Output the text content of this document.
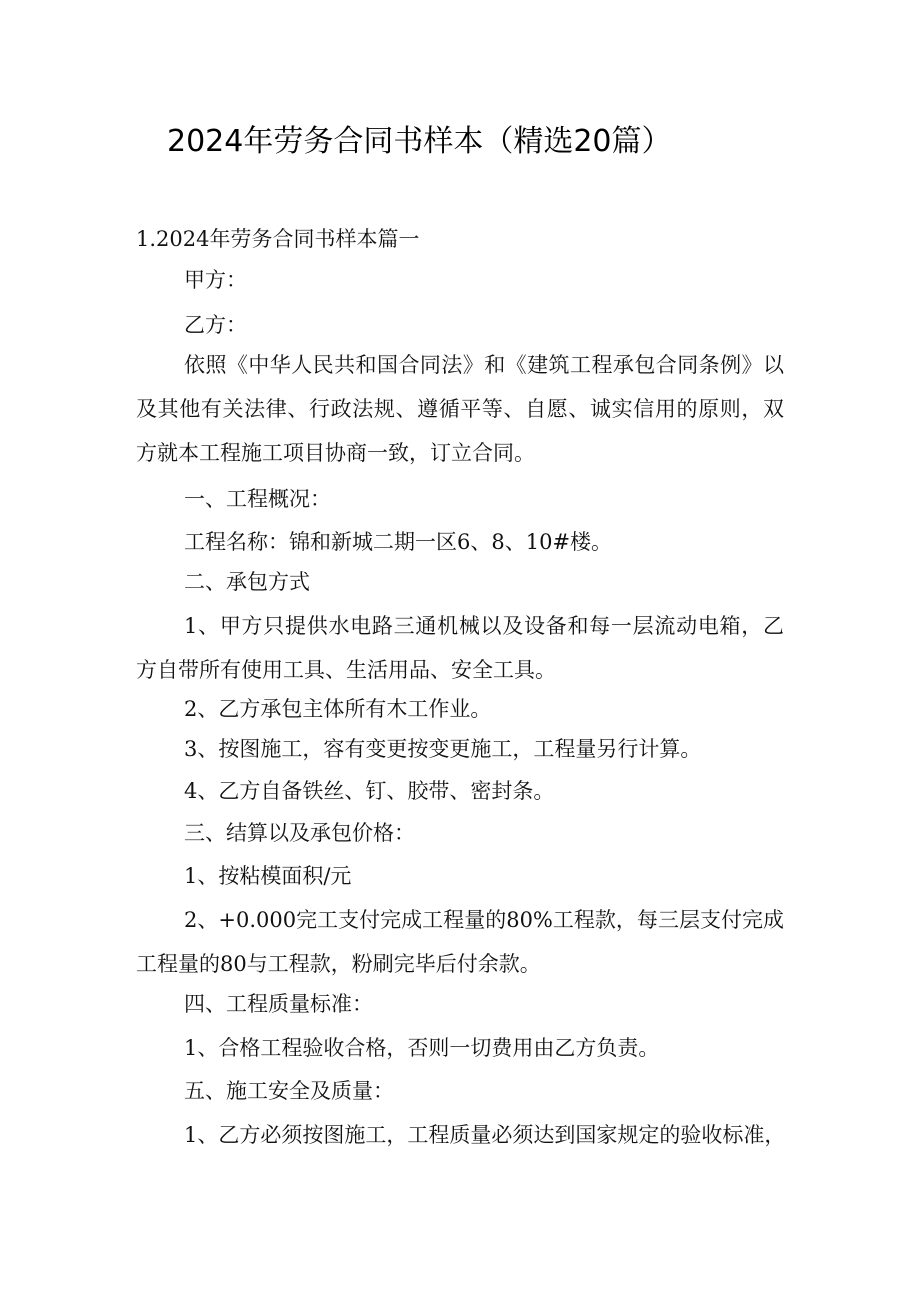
2024年劳务合同书样本（精选20篇）

1.2024年劳务合同书样本篇一

甲方：

乙方：

依照《中华人民共和国合同法》和《建筑工程承包合同条例》以及其他有关法律、行政法规、遵循平等、自愿、诚实信用的原则，双方就本工程施工项目协商一致，订立合同。

一、工程概况：

工程名称：锦和新城二期一区6、8、10#楼。

二、承包方式

1、甲方只提供水电路三通机械以及设备和每一层流动电箱，乙方自带所有使用工具、生活用品、安全工具。

2、乙方承包主体所有木工作业。

3、按图施工，容有变更按变更施工，工程量另行计算。

4、乙方自备铁丝、钉、胶带、密封条。

三、结算以及承包价格：

1、按粘模面积/元

2、+0.000完工支付完成工程量的80%工程款，每三层支付完成工程量的80与工程款，粉刷完毕后付余款。

四、工程质量标准：

1、合格工程验收合格，否则一切费用由乙方负责。

五、施工安全及质量：

1、乙方必须按图施工，工程质量必须达到国家规定的验收标准，
